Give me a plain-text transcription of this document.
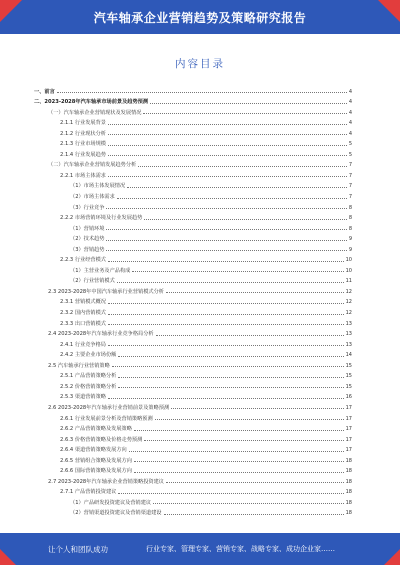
汽车轴承企业营销趋势及策略研究报告
内容目录
一、前言	4
二、2023-2028年汽车轴承市场前景及趋势预测	4
（一）汽车轴承企业营销现状及发展情况	4
2.1.1 行业发展背景	4
2.1.2 行业现状分析	4
2.1.3 行业市场规模	5
2.1.4 行业发展趋势	5
（二）汽车轴承企业营销发展趋势分析	7
2.2.1 市场主体需求	7
（1）市场主体发展情况	7
（2）市场主体需求	7
（3）行业竞争	8
2.2.2 市场营销环境及行业发展趋势	8
（1）营销环境	8
（2）技术趋势	9
（3）营销趋势	9
2.2.3 行业经营模式	10
（1）主营业务及产品构成	10
（2）行业营销模式	11
2.3 2023-2028年中国汽车轴承行业营销模式分析	12
2.3.1 营销模式概况	12
2.3.2 国内营销模式	12
2.3.3 出口营销模式	13
2.4 2023-2028年汽车轴承行业竞争格局分析	13
2.4.1 行业竞争格局	13
2.4.2 主要企业市场份额	14
2.5 汽车轴承行业营销策略	15
2.5.1 产品营销策略分析	15
2.5.2 价格营销策略分析	15
2.5.3 渠道营销策略	16
2.6 2023-2028年汽车轴承行业营销前景及策略预测	17
2.6.1 行业发展前景分析及营销策略预测	17
2.6.2 产品营销策略及发展策略	17
2.6.3 价格营销策略及价格走势预测	17
2.6.4 渠道营销策略发展方向	17
2.6.5 营销组合策略及发展方向	18
2.6.6 国际营销策略及发展方向	18
2.7 2023-2028年汽车轴承企业营销策略投资建议	18
2.7.1 产品营销投资建议	18
（1）产品研发投资建议及营销建议	18
（2）营销渠道投资建议及营销渠道建设	18
让个人和团队成功	行业专家、管理专家、营销专家、战略专家、成功企业家……
